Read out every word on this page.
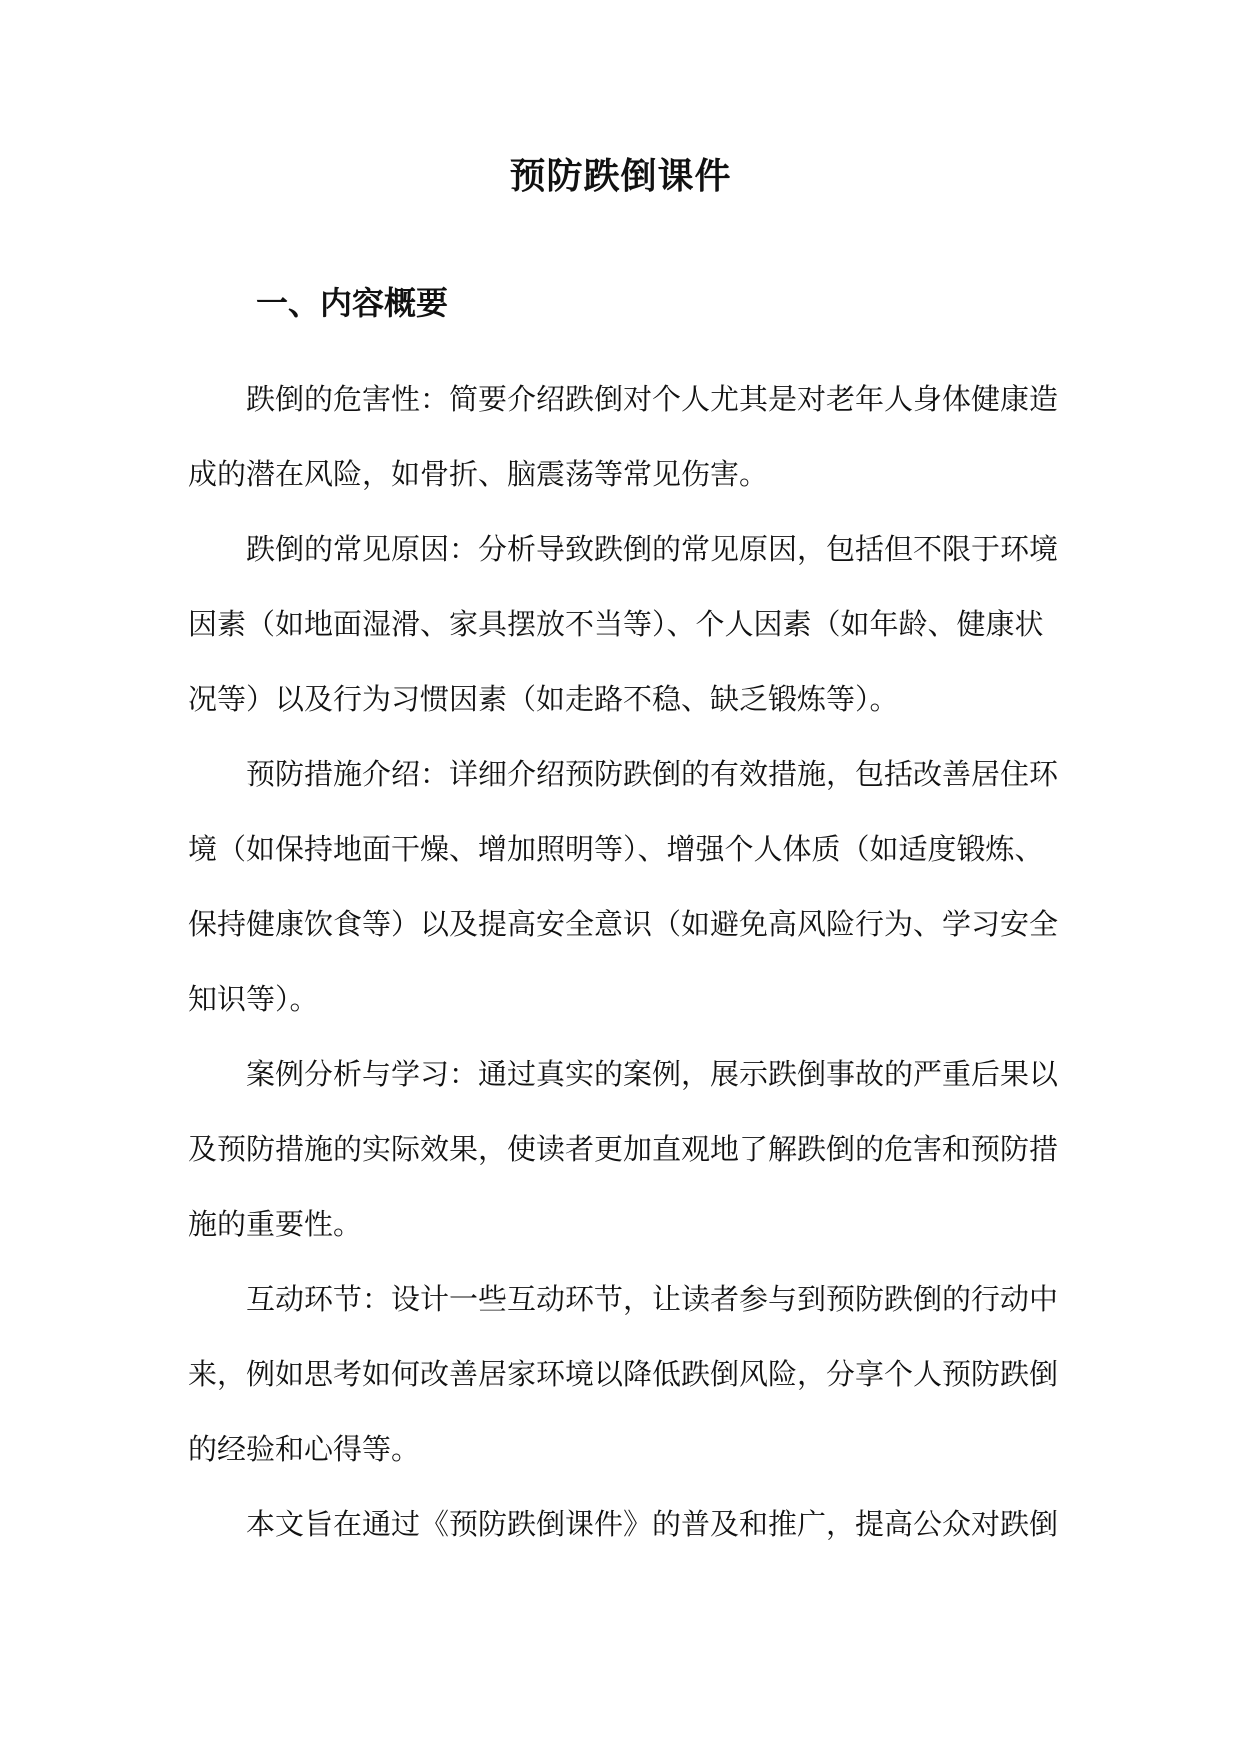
预防跌倒课件
一、内容概要
跌倒的危害性：简要介绍跌倒对个人尤其是对老年人身体健康造
成的潜在风险，如骨折、脑震荡等常见伤害。
跌倒的常见原因：分析导致跌倒的常见原因，包括但不限于环境
因素（如地面湿滑、家具摆放不当等）、个人因素（如年龄、健康状
况等）以及行为习惯因素（如走路不稳、缺乏锻炼等）。
预防措施介绍：详细介绍预防跌倒的有效措施，包括改善居住环
境（如保持地面干燥、增加照明等）、增强个人体质（如适度锻炼、
保持健康饮食等）以及提高安全意识（如避免高风险行为、学习安全
知识等）。
案例分析与学习：通过真实的案例，展示跌倒事故的严重后果以
及预防措施的实际效果，使读者更加直观地了解跌倒的危害和预防措
施的重要性。
互动环节：设计一些互动环节，让读者参与到预防跌倒的行动中
来，例如思考如何改善居家环境以降低跌倒风险，分享个人预防跌倒
的经验和心得等。
本文旨在通过《预防跌倒课件》的普及和推广，提高公众对跌倒
